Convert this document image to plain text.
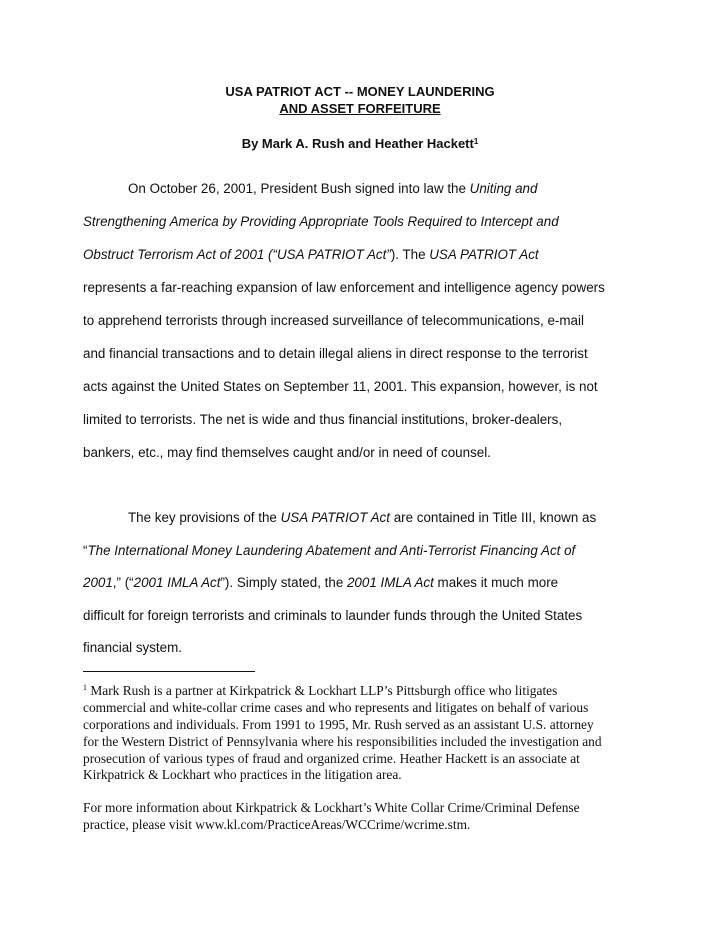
USA PATRIOT ACT -- MONEY LAUNDERING
AND ASSET FORFEITURE
By Mark A. Rush and Heather Hackett$^1$
On October 26, 2001, President Bush signed into law the Uniting and
Strengthening America by Providing Appropriate Tools Required to Intercept and
Obstruct Terrorism Act of 2001 (“USA PATRIOT Act”). The USA PATRIOT Act
represents a far-reaching expansion of law enforcement and intelligence agency powers
to apprehend terrorists through increased surveillance of telecommunications, e-mail
and financial transactions and to detain illegal aliens in direct response to the terrorist
acts against the United States on September 11, 2001. This expansion, however, is not
limited to terrorists. The net is wide and thus financial institutions, broker-dealers,
bankers, etc., may find themselves caught and/or in need of counsel.
The key provisions of the USA PATRIOT Act are contained in Title III, known as
“The International Money Laundering Abatement and Anti-Terrorist Financing Act of
2001,” (“2001 IMLA Act”). Simply stated, the 2001 IMLA Act makes it much more
difficult for foreign terrorists and criminals to launder funds through the United States
financial system.
$^1$ Mark Rush is a partner at Kirkpatrick & Lockhart LLP’s Pittsburgh office who litigates
commercial and white-collar crime cases and who represents and litigates on behalf of various
corporations and individuals. From 1991 to 1995, Mr. Rush served as an assistant U.S. attorney
for the Western District of Pennsylvania where his responsibilities included the investigation and
prosecution of various types of fraud and organized crime. Heather Hackett is an associate at
Kirkpatrick & Lockhart who practices in the litigation area.
For more information about Kirkpatrick & Lockhart’s White Collar Crime/Criminal Defense
practice, please visit www.kl.com/PracticeAreas/WCCrime/wcrime.stm.
